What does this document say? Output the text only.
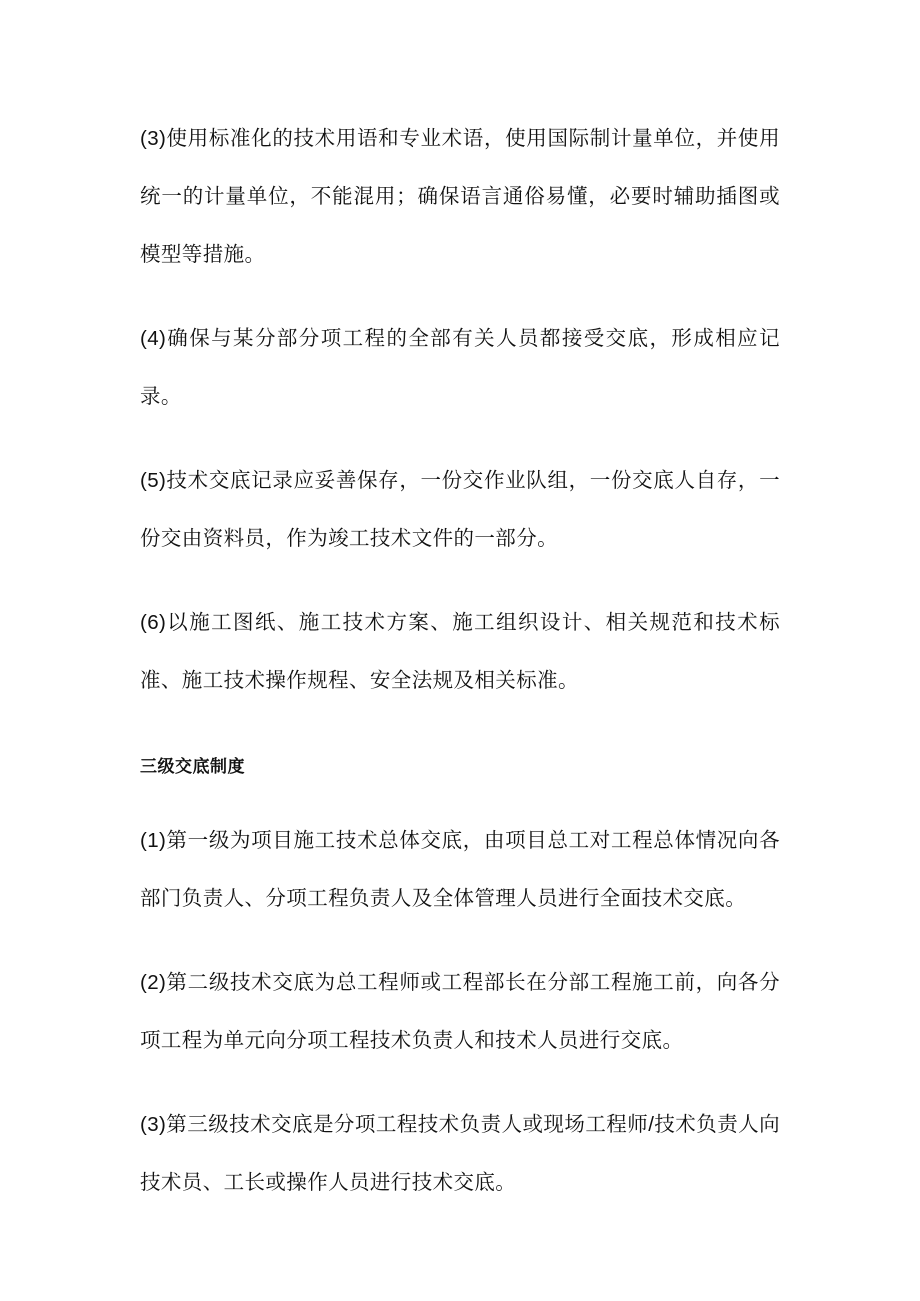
(3)使用标准化的技术用语和专业术语，使用国际制计量单位，并使用统一的计量单位，不能混用；确保语言通俗易懂，必要时辅助插图或模型等措施。

(4)确保与某分部分项工程的全部有关人员都接受交底，形成相应记录。

(5)技术交底记录应妥善保存，一份交作业队组，一份交底人自存，一份交由资料员，作为竣工技术文件的一部分。

(6)以施工图纸、施工技术方案、施工组织设计、相关规范和技术标准、施工技术操作规程、安全法规及相关标准。

三级交底制度

(1)第一级为项目施工技术总体交底，由项目总工对工程总体情况向各部门负责人、分项工程负责人及全体管理人员进行全面技术交底。

(2)第二级技术交底为总工程师或工程部长在分部工程施工前，向各分项工程为单元向分项工程技术负责人和技术人员进行交底。

(3)第三级技术交底是分项工程技术负责人或现场工程师/技术负责人向技术员、工长或操作人员进行技术交底。
